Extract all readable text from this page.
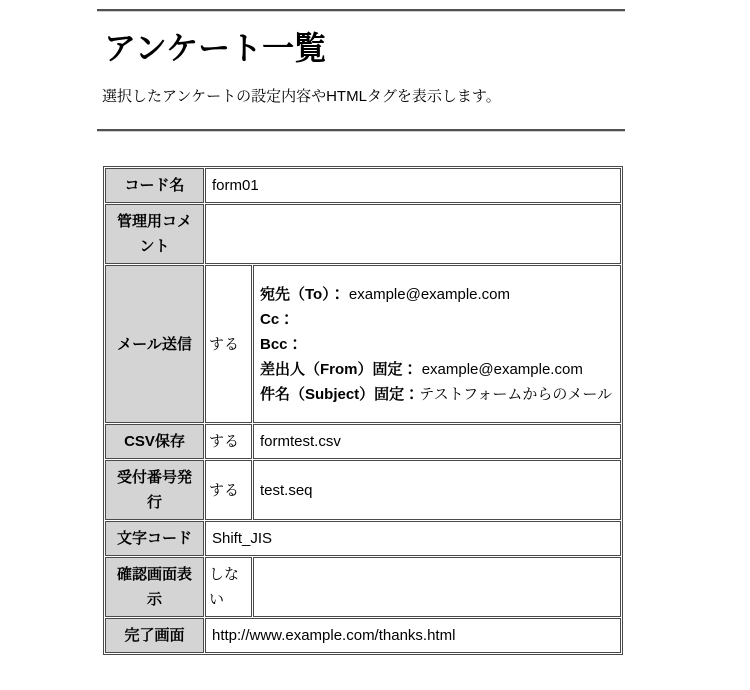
アンケート一覧

選択したアンケートの設定内容やHTMLタグを表示します。

コード名	form01	
管理用コメント		
メール送信	する	宛先（To）： example@example.com
Cc：
Bcc：
差出人（From）固定： example@example.com
件名（Subject）固定：テストフォームからのメール

CSV保存	する	formtest.csv
受付番号発行	する	test.seq
文字コード	Shift_JIS	
確認画面表示	しない	
完了画面	http://www.example.com/thanks.html	
